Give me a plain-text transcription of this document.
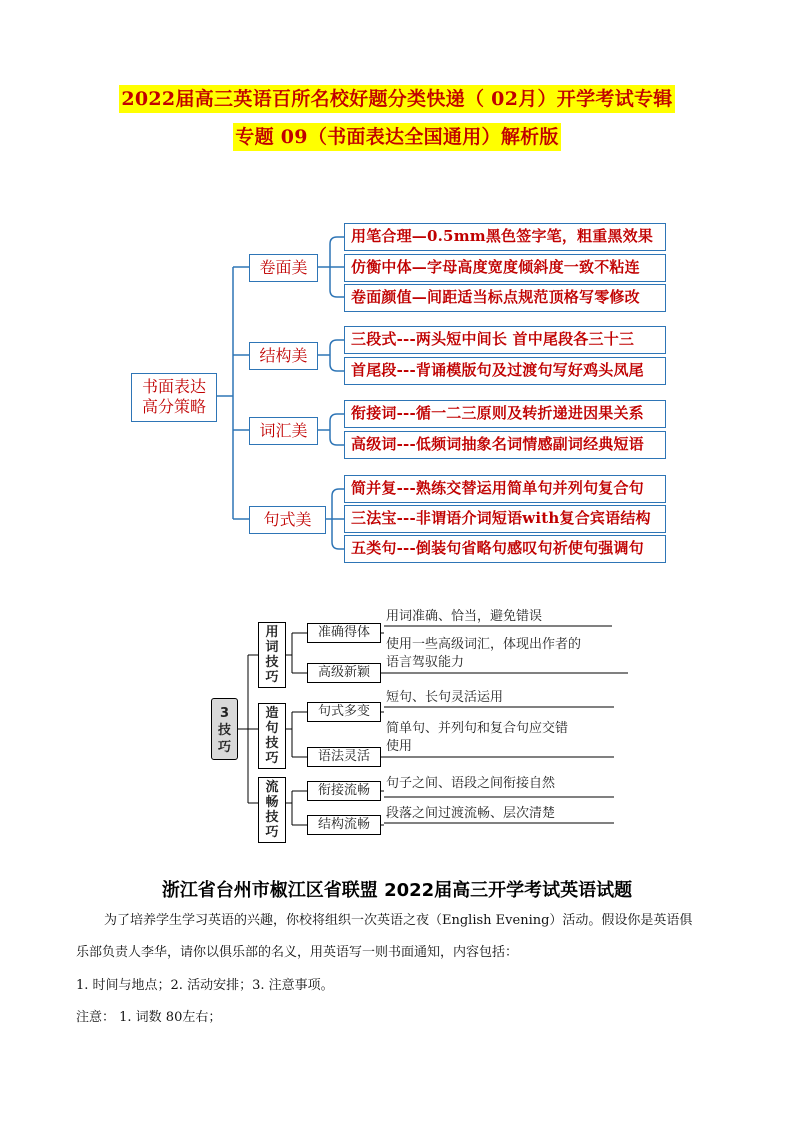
2022届高三英语百所名校好题分类快递（ 02月）开学考试专辑
专题 09（书面表达全国通用）解析版
书面表达
高分策略
卷面美
结构美
词汇美
句式美
用笔合理—0.5mm黑色签字笔，粗重黑效果
仿衡中体—字母高度宽度倾斜度一致不粘连
卷面颜值—间距适当标点规范顶格写零修改
三段式---两头短中间长 首中尾段各三十三
首尾段---背诵模版句及过渡句写好鸡头凤尾
衔接词---循一二三原则及转折递进因果关系
高级词---低频词抽象名词情感副词经典短语
简并复---熟练交替运用简单句并列句复合句
三法宝---非谓语介词短语with复合宾语结构
五类句---倒装句省略句感叹句祈使句强调句
3
技
巧
用
词
技
巧
造
句
技
巧
流
畅
技
巧
准确得体
高级新颖
句式多变
语法灵活
衔接流畅
结构流畅
用词准确、恰当，避免错误
使用一些高级词汇，体现出作者的
语言驾驭能力
短句、长句灵活运用
简单句、并列句和复合句应交错
使用
句子之间、语段之间衔接自然
段落之间过渡流畅、层次清楚
浙江省台州市椒江区省联盟 2022届高三开学考试英语试题
为了培养学生学习英语的兴趣，你校将组织一次英语之夜（English Evening）活动。假设你是英语俱
乐部负责人李华，请你以俱乐部的名义，用英语写一则书面通知，内容包括：
1. 时间与地点；2. 活动安排；3. 注意事项。
注意： 1. 词数 80左右；
